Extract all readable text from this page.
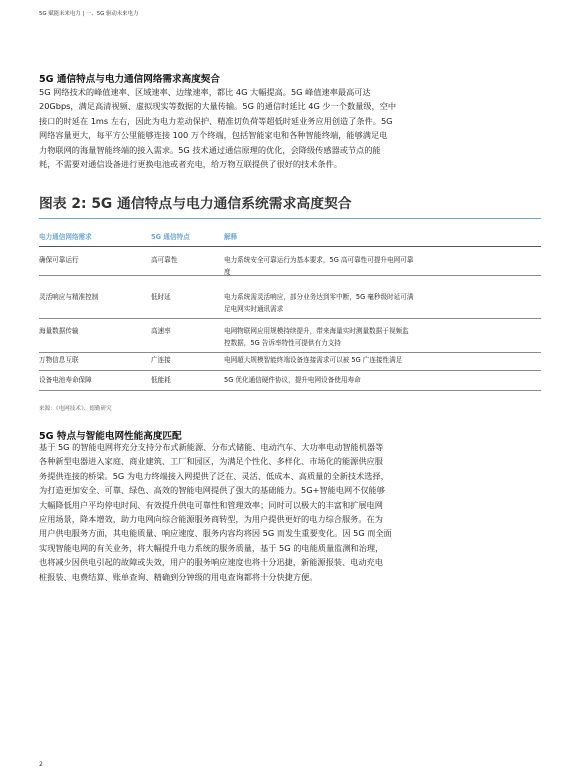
5G 赋能未来电力 | 一、5G 驱动未来电力
5G 通信特点与电力通信网络需求高度契合
5G 网络技术的峰值速率、区域速率、边缘速率，都比 4G 大幅提高。5G 峰值速率最高可达
20Gbps，满足高清视频、虚拟现实等数据的大量传输。5G 的通信时延比 4G 少一个数量级，空中
接口的时延在 1ms 左右，因此为电力差动保护、精准切负荷等超低时延业务应用创造了条件。5G
网络容量更大，每平方公里能够连接 100 万个终端，包括智能家电和各种智能终端，能够满足电
力物联网的海量智能终端的接入需求。5G 技术通过通信原理的优化，会降级传感器或节点的能
耗，不需要对通信设备进行更换电池或者充电，给万物互联提供了很好的技术条件。
图表 2: 5G 通信特点与电力通信系统需求高度契合
电力通信网络需求	5G 通信特点	解释
确保可靠运行	高可靠性	电力系统安全可靠运行为基本要求，5G 高可靠性可提升电网可靠
度
灵活响应与精准控制	低时延	电力系统需灵活响应，部分业务达到零中断，5G 毫秒级时延可满
足电网实时通讯需求
海量数据传输	高速率	电网物联网应用规模持续提升，带来海量实时测量数据于视频监
控数据，5G 告诉率特性可提供有力支持
万物信息互联	广连接	电网超大规模智能终端设备连接需求可以被 5G 广连接性满足
设备电池寿命保障	低能耗	5G 优化通信硬件协议，提升电网设备使用寿命
来源：《电网技术》、德勤研究
5G 特点与智能电网性能高度匹配
基于 5G 的智能电网将充分支持分布式新能源、分布式储能、电动汽车、大功率电动智能机器等
各种新型电器进入家庭、商业建筑、工厂和园区，为满足个性化、多样化、市场化的能源供应服
务提供连接的桥梁。5G 为电力终端接入网提供了泛在、灵活、低成本、高质量的全新技术选择，
为打造更加安全、可靠、绿色、高效的智能电网提供了强大的基础能力。5G+智能电网不仅能够
大幅降低用户平均停电时间、有效提升供电可靠性和管理效率；同时可以极大的丰富和扩展电网
应用场景，降本增效，助力电网向综合能源服务商转型，为用户提供更好的电力综合服务。在为
用户供电服务方面，其电能质量、响应速度、服务内容均将因 5G 而发生重要变化。因 5G 而全面
实现智能电网的有关业务，将大幅提升电力系统的服务质量，基于 5G 的电能质量监测和治理，
也将减少因供电引起的故障或失效，用户的服务响应速度也将十分迅捷，新能源报装、电动充电
桩报装、电费结算、账单查询、精确到分钟级的用电查询都将十分快捷方便。
2
